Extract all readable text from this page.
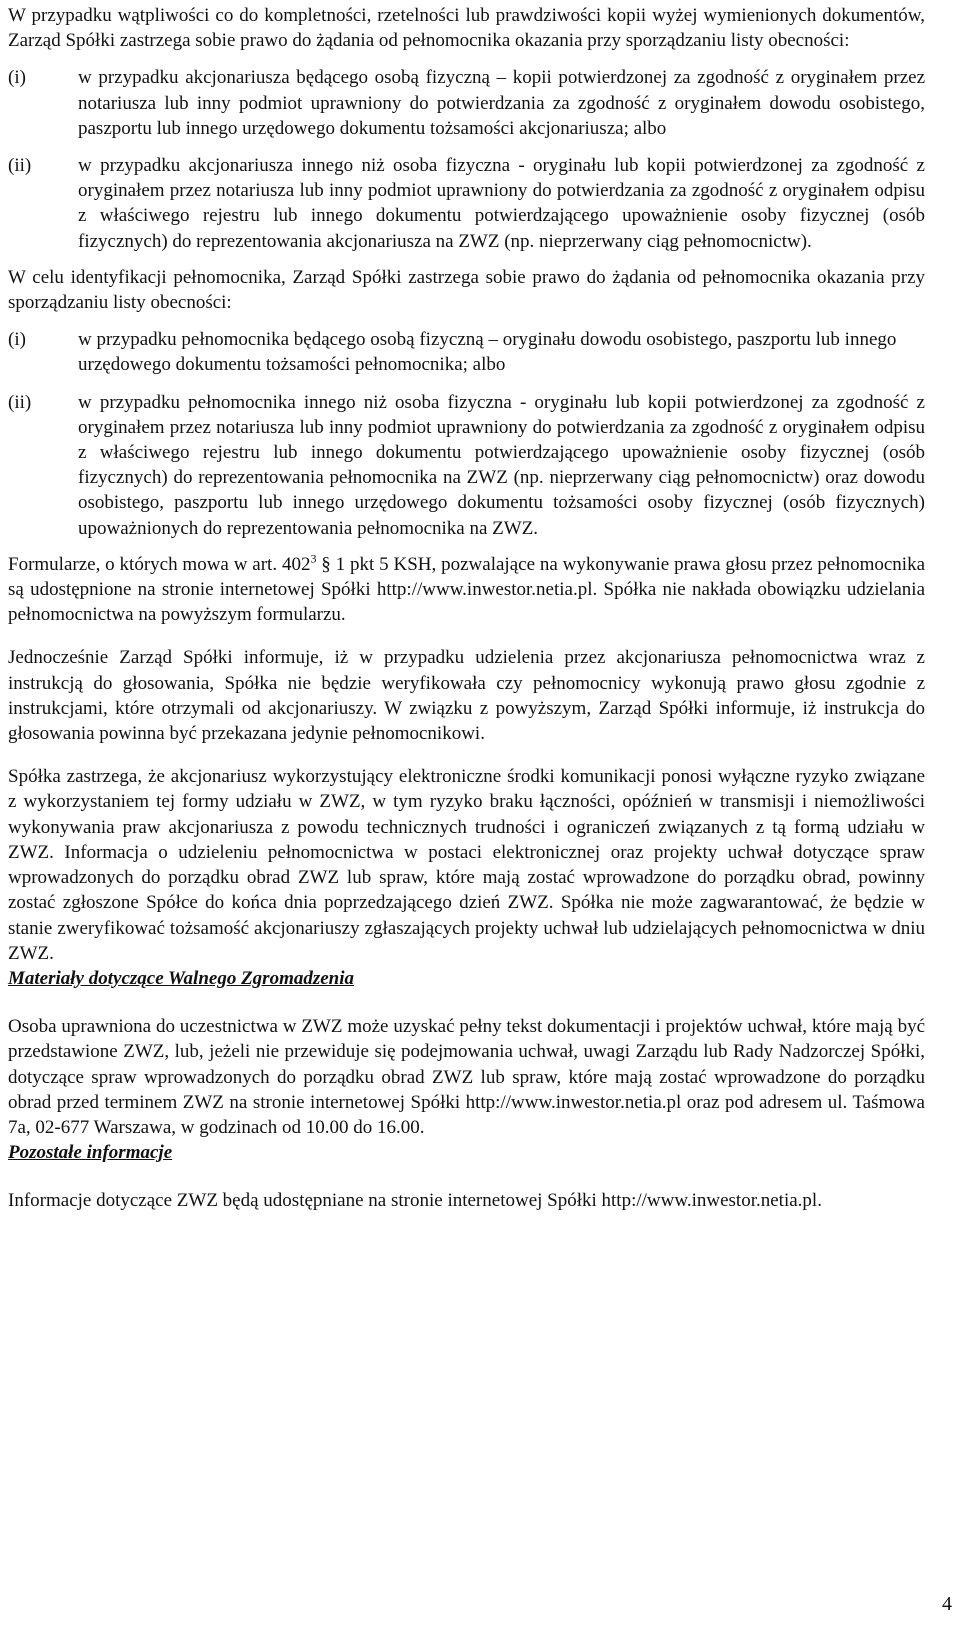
W przypadku wątpliwości co do kompletności, rzetelności lub prawdziwości kopii wyżej wymienionych dokumentów, Zarząd Spółki zastrzega sobie prawo do żądania od pełnomocnika okazania przy sporządzaniu listy obecności:

(i)	w przypadku akcjonariusza będącego osobą fizyczną – kopii potwierdzonej za zgodność z oryginałem przez notariusza lub inny podmiot uprawniony do potwierdzania za zgodność z oryginałem dowodu osobistego, paszportu lub innego urzędowego dokumentu tożsamości akcjonariusza; albo
(ii)	w przypadku akcjonariusza innego niż osoba fizyczna - oryginału lub kopii potwierdzonej za zgodność z oryginałem przez notariusza lub inny podmiot uprawniony do potwierdzania za zgodność z oryginałem odpisu z właściwego rejestru lub innego dokumentu potwierdzającego upoważnienie osoby fizycznej (osób fizycznych) do reprezentowania akcjonariusza na ZWZ (np. nieprzerwany ciąg pełnomocnictw).

W celu identyfikacji pełnomocnika, Zarząd Spółki zastrzega sobie prawo do żądania od pełnomocnika okazania przy sporządzaniu listy obecności:

(i)	w przypadku pełnomocnika będącego osobą fizyczną – oryginału dowodu osobistego, paszportu lub innego urzędowego dokumentu tożsamości pełnomocnika; albo
(ii)	w przypadku pełnomocnika innego niż osoba fizyczna - oryginału lub kopii potwierdzonej za zgodność z oryginałem przez notariusza lub inny podmiot uprawniony do potwierdzania za zgodność z oryginałem odpisu z właściwego rejestru lub innego dokumentu potwierdzającego upoważnienie osoby fizycznej (osób fizycznych) do reprezentowania pełnomocnika na ZWZ (np. nieprzerwany ciąg pełnomocnictw) oraz dowodu osobistego, paszportu lub innego urzędowego dokumentu tożsamości osoby fizycznej (osób fizycznych) upoważnionych do reprezentowania pełnomocnika na ZWZ.

Formularze, o których mowa w art. $402^3$ § 1 pkt 5 KSH, pozwalające na wykonywanie prawa głosu przez pełnomocnika są udostępnione na stronie internetowej Spółki http://www.inwestor.netia.pl. Spółka nie nakłada obowiązku udzielania pełnomocnictwa na powyższym formularzu.

Jednocześnie Zarząd Spółki informuje, iż w przypadku udzielenia przez akcjonariusza pełnomocnictwa wraz z instrukcją do głosowania, Spółka nie będzie weryfikowała czy pełnomocnicy wykonują prawo głosu zgodnie z instrukcjami, które otrzymali od akcjonariuszy. W związku z powyższym, Zarząd Spółki informuje, iż instrukcja do głosowania powinna być przekazana jedynie pełnomocnikowi.

Spółka zastrzega, że akcjonariusz wykorzystujący elektroniczne środki komunikacji ponosi wyłączne ryzyko związane z wykorzystaniem tej formy udziału w ZWZ, w tym ryzyko braku łączności, opóźnień w transmisji i niemożliwości wykonywania praw akcjonariusza z powodu technicznych trudności i ograniczeń związanych z tą formą udziału w ZWZ. Informacja o udzieleniu pełnomocnictwa w postaci elektronicznej oraz projekty uchwał dotyczące spraw wprowadzonych do porządku obrad ZWZ lub spraw, które mają zostać wprowadzone do porządku obrad, powinny zostać zgłoszone Spółce do końca dnia poprzedzającego dzień ZWZ. Spółka nie może zagwarantować, że będzie w stanie zweryfikować tożsamość akcjonariuszy zgłaszających projekty uchwał lub udzielających pełnomocnictwa w dniu ZWZ.

Materiały dotyczące Walnego Zgromadzenia

Osoba uprawniona do uczestnictwa w ZWZ może uzyskać pełny tekst dokumentacji i projektów uchwał, które mają być przedstawione ZWZ, lub, jeżeli nie przewiduje się podejmowania uchwał, uwagi Zarządu lub Rady Nadzorczej Spółki, dotyczące spraw wprowadzonych do porządku obrad ZWZ lub spraw, które mają zostać wprowadzone do porządku obrad przed terminem ZWZ na stronie internetowej Spółki http://www.inwestor.netia.pl oraz pod adresem ul. Taśmowa 7a, 02-677 Warszawa, w godzinach od 10.00 do 16.00.

Pozostałe informacje

Informacje dotyczące ZWZ będą udostępniane na stronie internetowej Spółki http://www.inwestor.netia.pl.

4
